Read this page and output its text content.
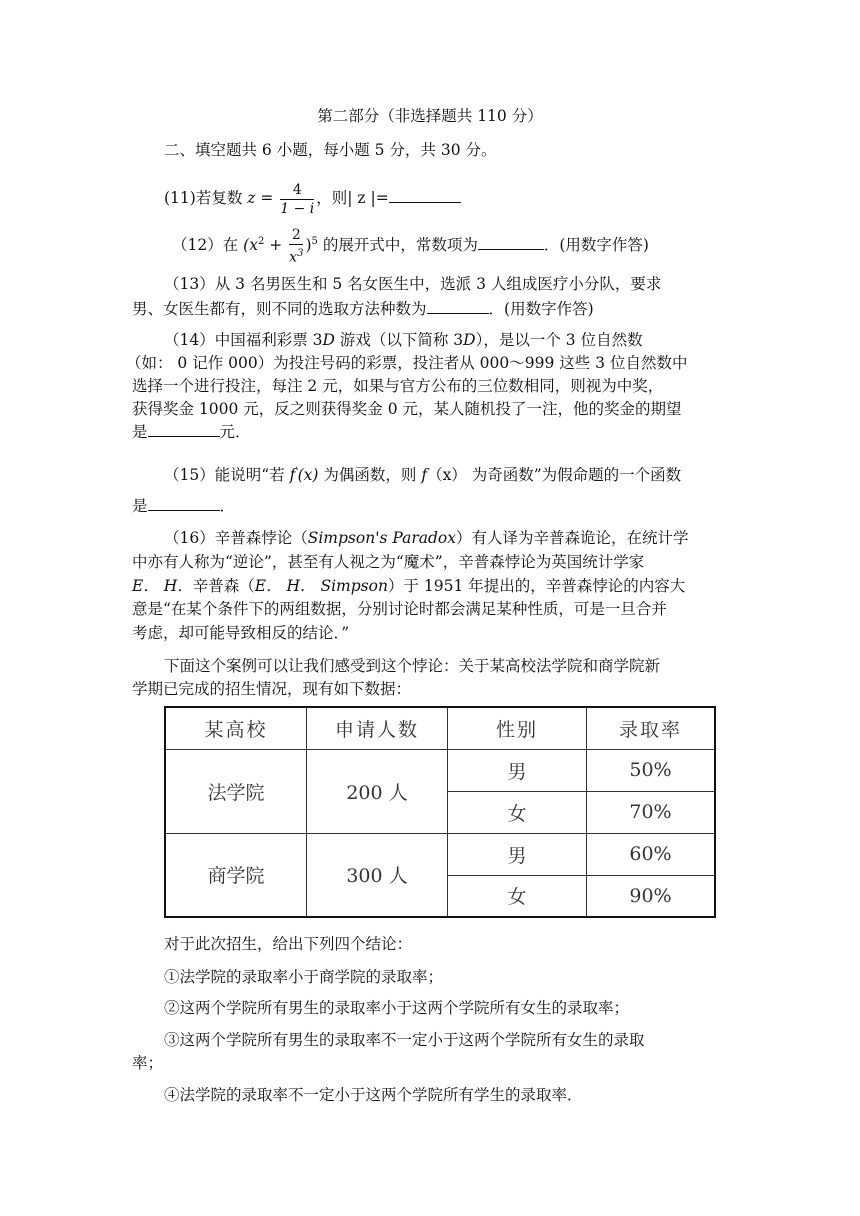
第二部分（非选择题共 110 分）
二、填空题共 6 小题，每小题 5 分，共 30 分。
(11)若复数 $z = \frac{4}{1 - i}$ ，则| z |=
（12）在 $(x^2 + \frac{2}{x^3} )^5$ 的展开式中，常数项为	．(用数字作答)
（13）从 3 名男医生和 5 名女医生中，选派 3 人组成医疗小分队，要求
男、女医生都有，则不同的选取方法种数为	．(用数字作答)
（14）中国福利彩票 3D 游戏（以下简称 3D），是以一个 3 位自然数
（如： 0 记作 000）为投注号码的彩票，投注者从 000～999 这些 3 位自然数中
选择一个进行投注，每注 2 元，如果与官方公布的三位数相同，则视为中奖，
获得奖金 1000 元，反之则获得奖金 0 元，某人随机投了一注，他的奖金的期望
是	元．
（15）能说明“若 f′(x) 为偶函数，则 f（x） 为奇函数”为假命题的一个函数
是	．
（16）辛普森悖论（Simpson's Paradox）有人译为辛普森诡论，在统计学
中亦有人称为“逆论”，甚至有人视之为“魔术”，辛普森悖论为英国统计学家
E． H．辛普森（E． H． Simpson）于 1951 年提出的，辛普森悖论的内容大
意是“在某个条件下的两组数据，分别讨论时都会满足某种性质，可是一旦合并
考虑，却可能导致相反的结论．”
下面这个案例可以让我们感受到这个悖论：关于某高校法学院和商学院新
学期已完成的招生情况，现有如下数据：
某高校	申请人数	性别	录取率
法学院	200 人	男	50%
		女	70%
商学院	300 人	男	60%
		女	90%
对于此次招生，给出下列四个结论：
①法学院的录取率小于商学院的录取率；
②这两个学院所有男生的录取率小于这两个学院所有女生的录取率；
③这两个学院所有男生的录取率不一定小于这两个学院所有女生的录取
率；
④法学院的录取率不一定小于这两个学院所有学生的录取率．
